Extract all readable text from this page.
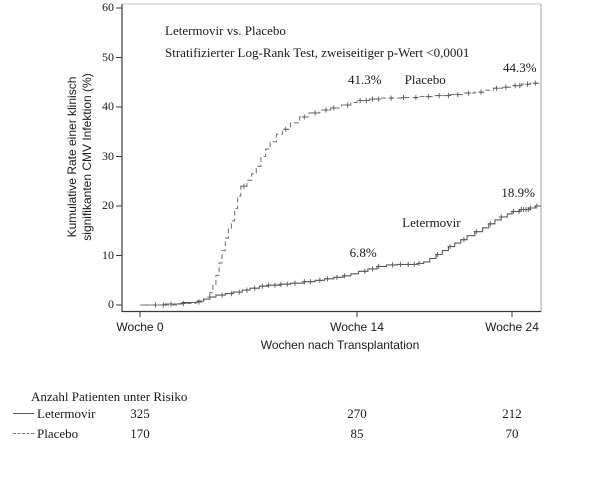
Letermovir vs. Placebo
Stratifizierter Log-Rank Test, zweiseitiger p-Wert <0,0001
Kumulative Rate einer klinisch signifikanten CMV Infektion (%)
Wochen nach Transplantation
0
10
20
30
40
50
60
Woche 0	Woche 14	Woche 24
6.8%
Letermovir
18.9%
41.3% Placebo
44.3%
Anzahl Patienten unter Risiko
Letermovir	325	270	212
Placebo	170	85	70
